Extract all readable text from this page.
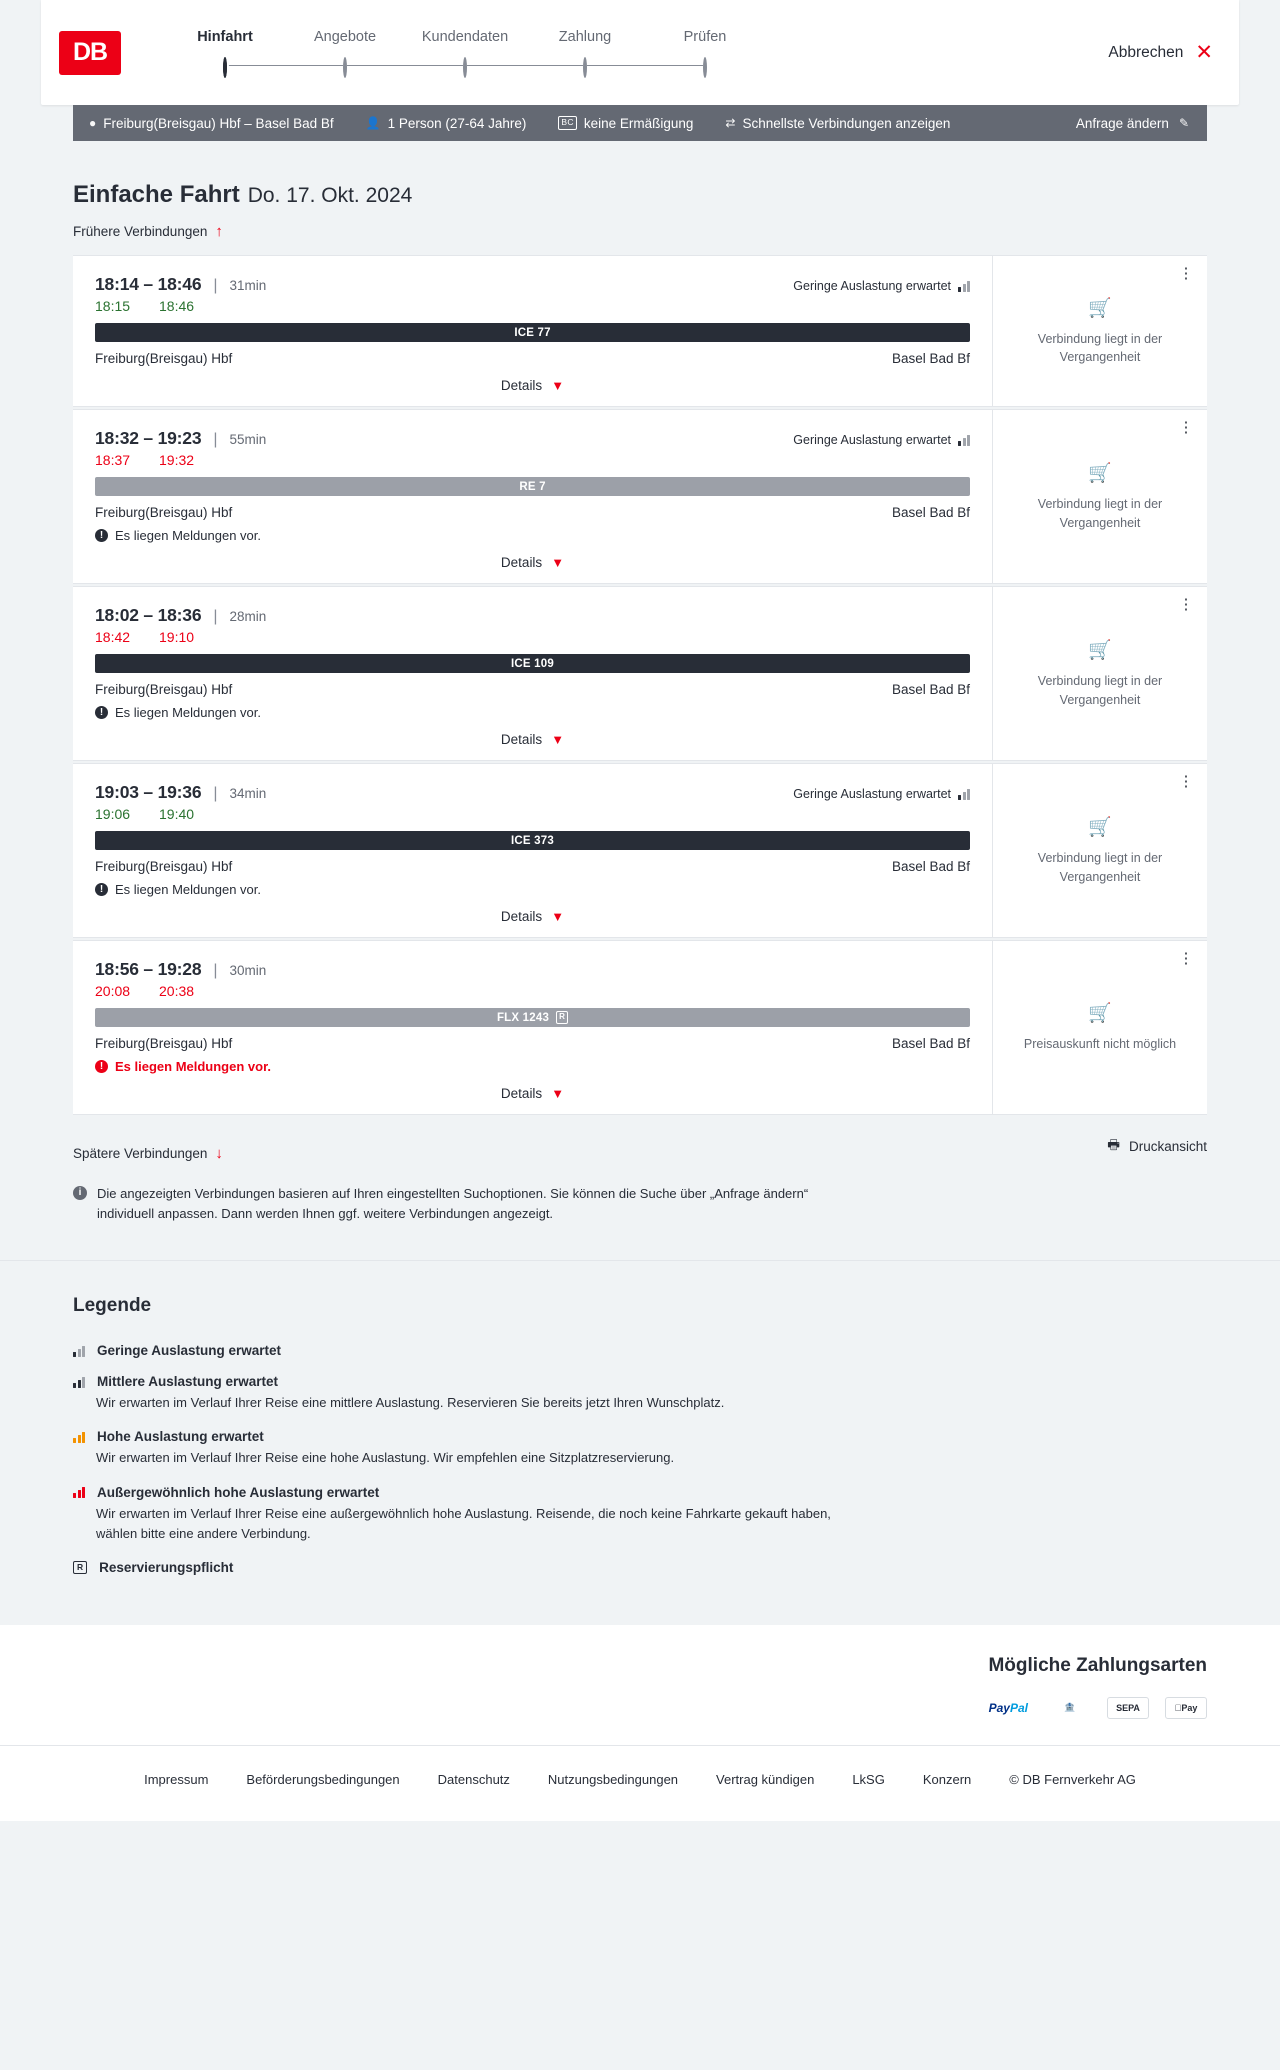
DB
Hinfahrt	Angebote	Kundendaten	Zahlung	Prüfen
Abbrechen ✕
● Freiburg(Breisgau) Hbf – Basel Bad Bf	👤 1 Person (27-64 Jahre)	BC keine Ermäßigung	⇄ Schnellste Verbindungen anzeigen	Anfrage ändern ✎
Einfache Fahrt Do. 17. Okt. 2024
Frühere Verbindungen ↑
18:14 – 18:46 | 31min	Geringe Auslastung erwartet
18:15	18:46
ICE 77
Freiburg(Breisgau) Hbf	Basel Bad Bf
Details ▼
⋮
🛒
Verbindung liegt in der Vergangenheit
18:32 – 19:23 | 55min	Geringe Auslastung erwartet
18:37	19:32
RE 7
Freiburg(Breisgau) Hbf	Basel Bad Bf
! Es liegen Meldungen vor.
Details ▼
⋮
🛒
Verbindung liegt in der Vergangenheit
18:02 – 18:36 | 28min
18:42	19:10
ICE 109
Freiburg(Breisgau) Hbf	Basel Bad Bf
! Es liegen Meldungen vor.
Details ▼
⋮
🛒
Verbindung liegt in der Vergangenheit
19:03 – 19:36 | 34min	Geringe Auslastung erwartet
19:06	19:40
ICE 373
Freiburg(Breisgau) Hbf	Basel Bad Bf
! Es liegen Meldungen vor.
Details ▼
⋮
🛒
Verbindung liegt in der Vergangenheit
18:56 – 19:28 | 30min
20:08	20:38
FLX 1243	R
Freiburg(Breisgau) Hbf	Basel Bad Bf
! Es liegen Meldungen vor.
Details ▼
⋮
🛒
Preisauskunft nicht möglich
Spätere Verbindungen ↓
🖶 Druckansicht
i	Die angezeigten Verbindungen basieren auf Ihren eingestellten Suchoptionen. Sie können die Suche über „Anfrage ändern“ individuell anpassen. Dann werden Ihnen ggf. weitere Verbindungen angezeigt.
Legende
Geringe Auslastung erwartet
Mittlere Auslastung erwartet
Wir erwarten im Verlauf Ihrer Reise eine mittlere Auslastung. Reservieren Sie bereits jetzt Ihren Wunschplatz.
Hohe Auslastung erwartet
Wir erwarten im Verlauf Ihrer Reise eine hohe Auslastung. Wir empfehlen eine Sitzplatzreservierung.
Außergewöhnlich hohe Auslastung erwartet
Wir erwarten im Verlauf Ihrer Reise eine außergewöhnlich hohe Auslastung. Reisende, die noch keine Fahrkarte gekauft haben, wählen bitte eine andere Verbindung.
R Reservierungspflicht
Mögliche Zahlungsarten
Pay Pal	🏦	SEPA	Pay
Impressum	Beförderungsbedingungen	Datenschutz	Nutzungsbedingungen	Vertrag kündigen	LkSG	Konzern	© DB Fernverkehr AG
